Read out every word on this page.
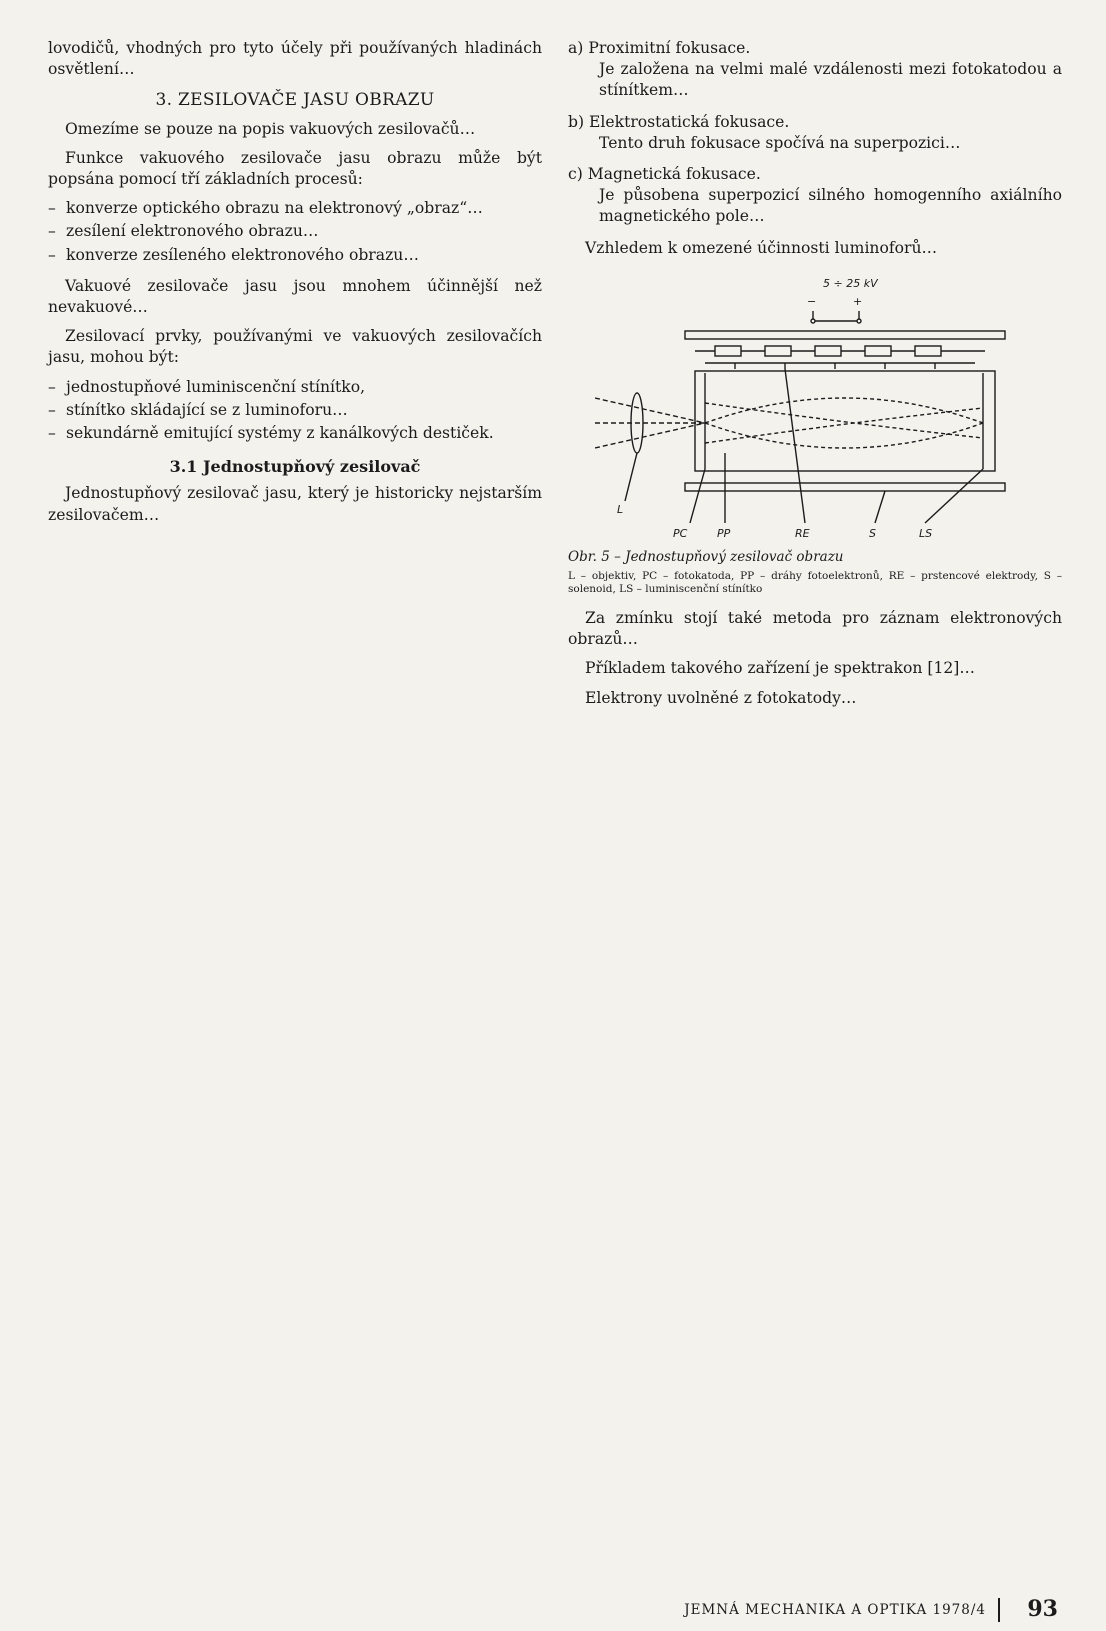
lovodičů, vhodných pro tyto účely při používaných hladinách osvětlení…

3. ZESILOVAČE JASU OBRAZU

Omezíme se pouze na popis vakuových zesilovačů…

Funkce vakuového zesilovače jasu obrazu může být popsána pomocí tří základních procesů:

– konverze optického obrazu na elektronový „obraz“…
– zesílení elektronového obrazu…
– konverze zesíleného elektronového obrazu…

Vakuové zesilovače jasu jsou mnohem účinnější než nevakuové…

Zesilovací prvky, používanými ve vakuových zesilovačích jasu, mohou být:

– jednostupňové luminiscenční stínítko,
– stínítko skládající se z luminoforu…
– sekundárně emitující systémy z kanálkových destiček.
3.1 Jednostupňový zesilovač

Jednostupňový zesilovač jasu, který je historicky nejstarším zesilovačem…

a) Proximitní fokusace.
Je založena na velmi malé vzdálenosti mezi fotokatodou a stínítkem…
b) Elektrostatická fokusace.
Tento druh fokusace spočívá na superpozici…
c) Magnetická fokusace.
Je působena superpozicí silného homogenního axiálního magnetického pole…

Vzhledem k omezené účinnosti luminoforů…

5 ÷ 25 kV
−	+
L
PC	PP	RE	S	LS
Obr. 5 – Jednostupňový zesilovač obrazu
L – objektiv, PC – fotokatoda, PP – dráhy fotoelektronů, RE – prstencové elektrody, S – solenoid, LS – luminiscenční stínítko

Za zmínku stojí také metoda pro záznam elektronových obrazů…

Příkladem takového zařízení je spektrakon [12]…

Elektrony uvolněné z fotokatody…

JEMNÁ MECHANIKA A OPTIKA 1978/4 93
